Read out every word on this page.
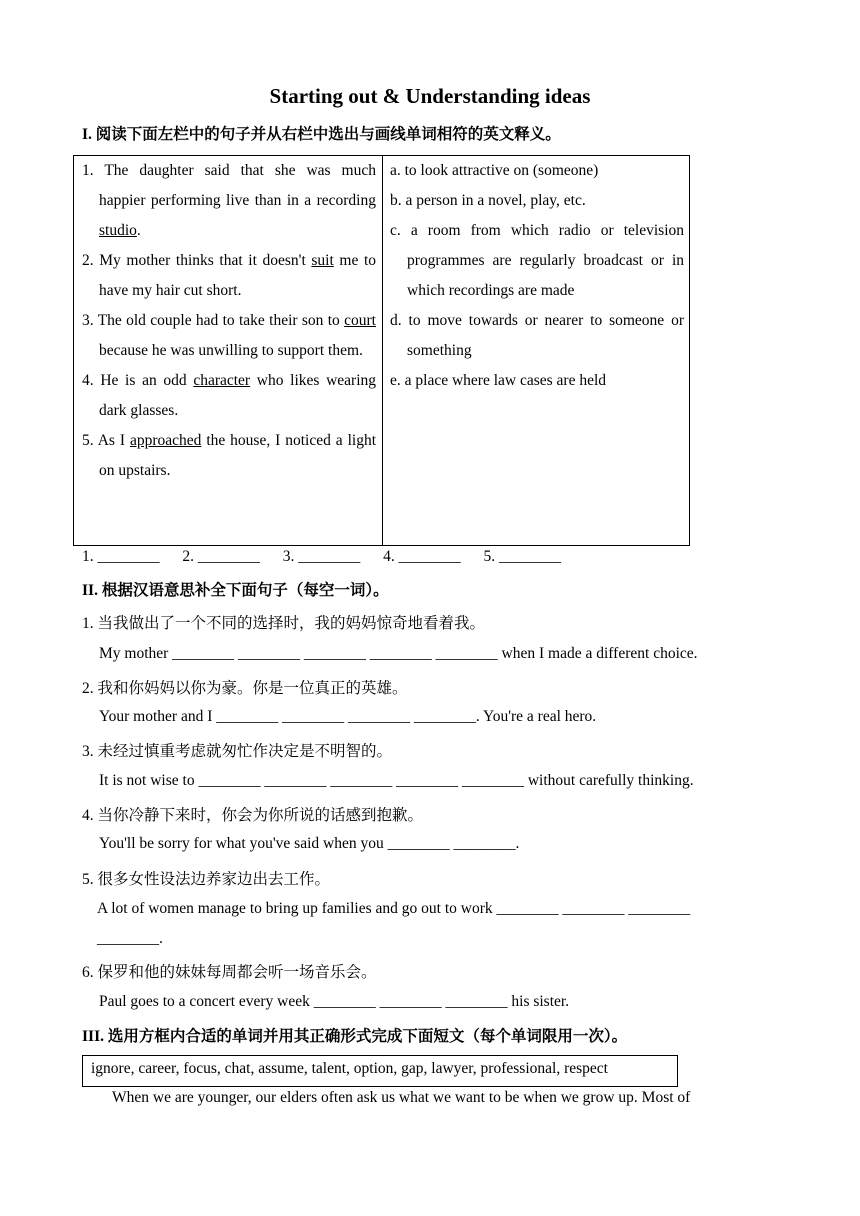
Starting out & Understanding ideas
I. 阅读下面左栏中的句子并从右栏中选出与画线单词相符的英文释义。
1. The daughter said that she was much happier performing live than in a recording studio.
2. My mother thinks that it doesn't suit me to have my hair cut short.
3. The old couple had to take their son to court because he was unwilling to support them.
4. He is an odd character who likes wearing dark glasses.
5. As I approached the house, I noticed a light on upstairs.
a. to look attractive on (someone)
b. a person in a novel, play, etc.
c. a room from which radio or television programmes are regularly broadcast or in which recordings are made
d. to move towards or nearer to someone or something
e. a place where law cases are held
1. ________ 2. ________ 3. ________ 4. ________ 5. ________
II. 根据汉语意思补全下面句子（每空一词）。
1. 当我做出了一个不同的选择时，我的妈妈惊奇地看着我。
My mother ________ ________ ________ ________ ________ when I made a different choice.
2. 我和你妈妈以你为豪。你是一位真正的英雄。
Your mother and I ________ ________ ________ ________. You're a real hero.
3. 未经过慎重考虑就匆忙作决定是不明智的。
It is not wise to ________ ________ ________ ________ ________ without carefully thinking.
4. 当你冷静下来时，你会为你所说的话感到抱歉。
You'll be sorry for what you've said when you ________ ________.
5. 很多女性设法边养家边出去工作。
A lot of women manage to bring up families and go out to work ________ ________ ________
________.
6. 保罗和他的妹妹每周都会听一场音乐会。
Paul goes to a concert every week ________ ________ ________ his sister.
III. 选用方框内合适的单词并用其正确形式完成下面短文（每个单词限用一次）。
ignore, career, focus, chat, assume, talent, option, gap, lawyer, professional, respect
When we are younger, our elders often ask us what we want to be when we grow up. Most of
